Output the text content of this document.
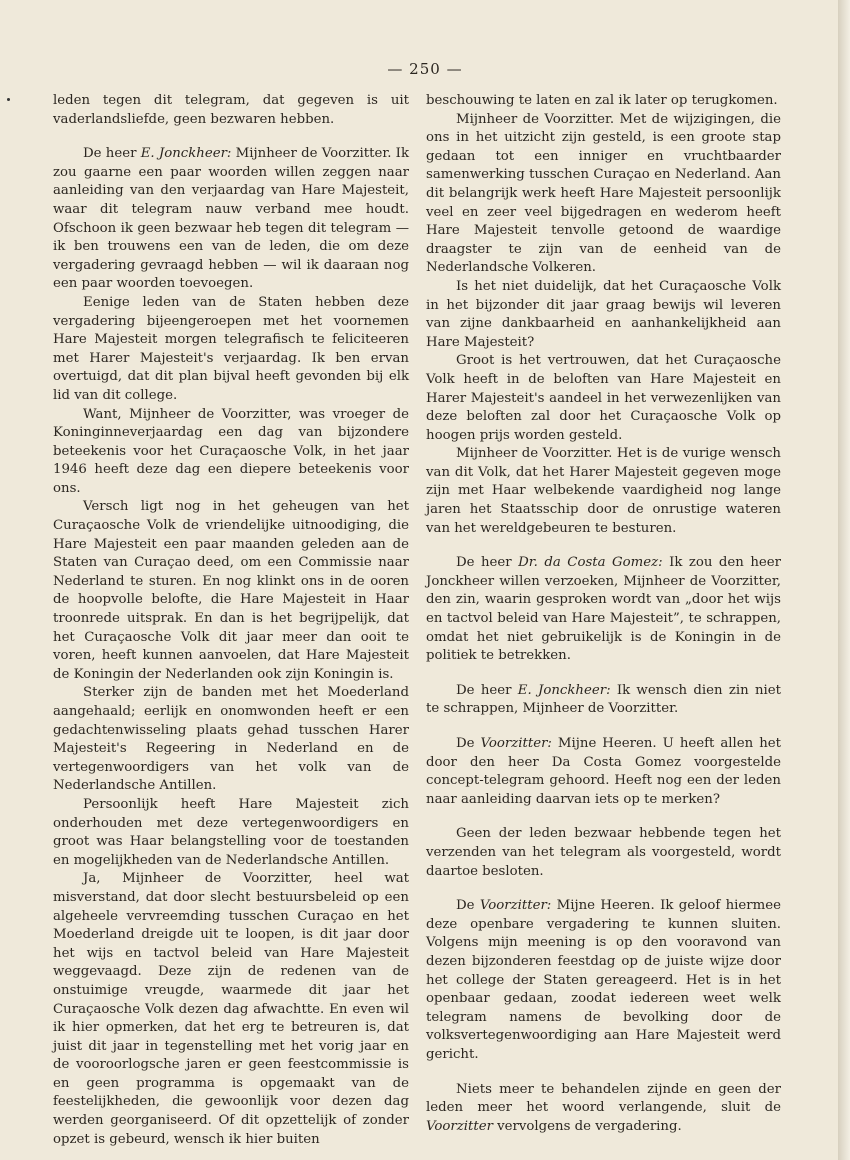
— 250 —

leden tegen dit telegram, dat gegeven is uit vaderlandsliefde, geen bezwaren hebben.

De heer E. Jonckheer: Mijnheer de Voorzitter. Ik zou gaarne een paar woorden willen zeggen naar aanleiding van den verjaardag van Hare Majesteit, waar dit telegram nauw verband mee houdt. Ofschoon ik geen bezwaar heb tegen dit telegram — ik ben trouwens een van de leden, die om deze vergadering gevraagd hebben — wil ik daaraan nog een paar woorden toevoegen.

Eenige leden van de Staten hebben deze vergadering bijeengeroepen met het voornemen Hare Majesteit morgen telegrafisch te feliciteeren met Harer Majesteit's verjaardag. Ik ben ervan overtuigd, dat dit plan bijval heeft gevonden bij elk lid van dit college.

Want, Mijnheer de Voorzitter, was vroeger de Koninginneverjaardag een dag van bijzondere beteekenis voor het Curaçaosche Volk, in het jaar 1946 heeft deze dag een diepere beteekenis voor ons.

Versch ligt nog in het geheugen van het Curaçaosche Volk de vriendelijke uitnoodiging, die Hare Majesteit een paar maanden geleden aan de Staten van Curaçao deed, om een Commissie naar Nederland te sturen. En nog klinkt ons in de ooren de hoopvolle belofte, die Hare Majesteit in Haar troonrede uitsprak. En dan is het begrijpelijk, dat het Curaçaosche Volk dit jaar meer dan ooit te voren, heeft kunnen aanvoelen, dat Hare Majesteit de Koningin der Nederlanden ook zijn Koningin is.

Sterker zijn de banden met het Moederland aangehaald; eerlijk en onomwonden heeft er een gedachtenwisseling plaats gehad tusschen Harer Majesteit's Regeering in Nederland en de vertegenwoordigers van het volk van de Nederlandsche Antillen.

Persoonlijk heeft Hare Majesteit zich onderhouden met deze vertegenwoordigers en groot was Haar belangstelling voor de toestanden en mogelijkheden van de Nederlandsche Antillen.

Ja, Mijnheer de Voorzitter, heel wat misverstand, dat door slecht bestuursbeleid op een algeheele vervreemding tusschen Curaçao en het Moederland dreigde uit te loopen, is dit jaar door het wijs en tactvol beleid van Hare Majesteit weggevaagd. Deze zijn de redenen van de onstuimige vreugde, waarmede dit jaar het Curaçaosche Volk dezen dag afwachtte. En even wil ik hier opmerken, dat het erg te betreuren is, dat juist dit jaar in tegenstelling met het vorig jaar en de vooroorlogsche jaren er geen feestcommissie is en geen programma is opgemaakt van de feestelijkheden, die gewoonlijk voor dezen dag werden georganiseerd. Of dit opzettelijk of zonder opzet is gebeurd, wensch ik hier buiten

beschouwing te laten en zal ik later op terugkomen.

Mijnheer de Voorzitter. Met de wijzigingen, die ons in het uitzicht zijn gesteld, is een groote stap gedaan tot een inniger en vruchtbaarder samenwerking tusschen Curaçao en Nederland. Aan dit belangrijk werk heeft Hare Majesteit persoonlijk veel en zeer veel bijgedragen en wederom heeft Hare Majesteit tenvolle getoond de waardige draagster te zijn van de eenheid van de Nederlandsche Volkeren.

Is het niet duidelijk, dat het Curaçaosche Volk in het bijzonder dit jaar graag bewijs wil leveren van zijne dankbaarheid en aanhankelijkheid aan Hare Majesteit?

Groot is het vertrouwen, dat het Curaçaosche Volk heeft in de beloften van Hare Majesteit en Harer Majesteit's aandeel in het verwezenlijken van deze beloften zal door het Curaçaosche Volk op hoogen prijs worden gesteld.

Mijnheer de Voorzitter. Het is de vurige wensch van dit Volk, dat het Harer Majesteit gegeven moge zijn met Haar welbekende vaardigheid nog lange jaren het Staatsschip door de onrustige wateren van het wereldgebeuren te besturen.

De heer Dr. da Costa Gomez: Ik zou den heer Jonckheer willen verzoeken, Mijnheer de Voorzitter, den zin, waarin gesproken wordt van „door het wijs en tactvol beleid van Hare Majesteit”, te schrappen, omdat het niet gebruikelijk is de Koningin in de politiek te betrekken.

De heer E. Jonckheer: Ik wensch dien zin niet te schrappen, Mijnheer de Voorzitter.

De Voorzitter: Mijne Heeren. U heeft allen het door den heer Da Costa Gomez voorgestelde concept-telegram gehoord. Heeft nog een der leden naar aanleiding daarvan iets op te merken?

Geen der leden bezwaar hebbende tegen het verzenden van het telegram als voorgesteld, wordt daartoe besloten.

De Voorzitter: Mijne Heeren. Ik geloof hiermee deze openbare vergadering te kunnen sluiten. Volgens mijn meening is op den vooravond van dezen bijzonderen feestdag op de juiste wijze door het college der Staten gereageerd. Het is in het openbaar gedaan, zoodat iedereen weet welk telegram namens de bevolking door de volksvertegenwoordiging aan Hare Majesteit werd gericht.

Niets meer te behandelen zijnde en geen der leden meer het woord verlangende, sluit de Voorzitter vervolgens de vergadering.
